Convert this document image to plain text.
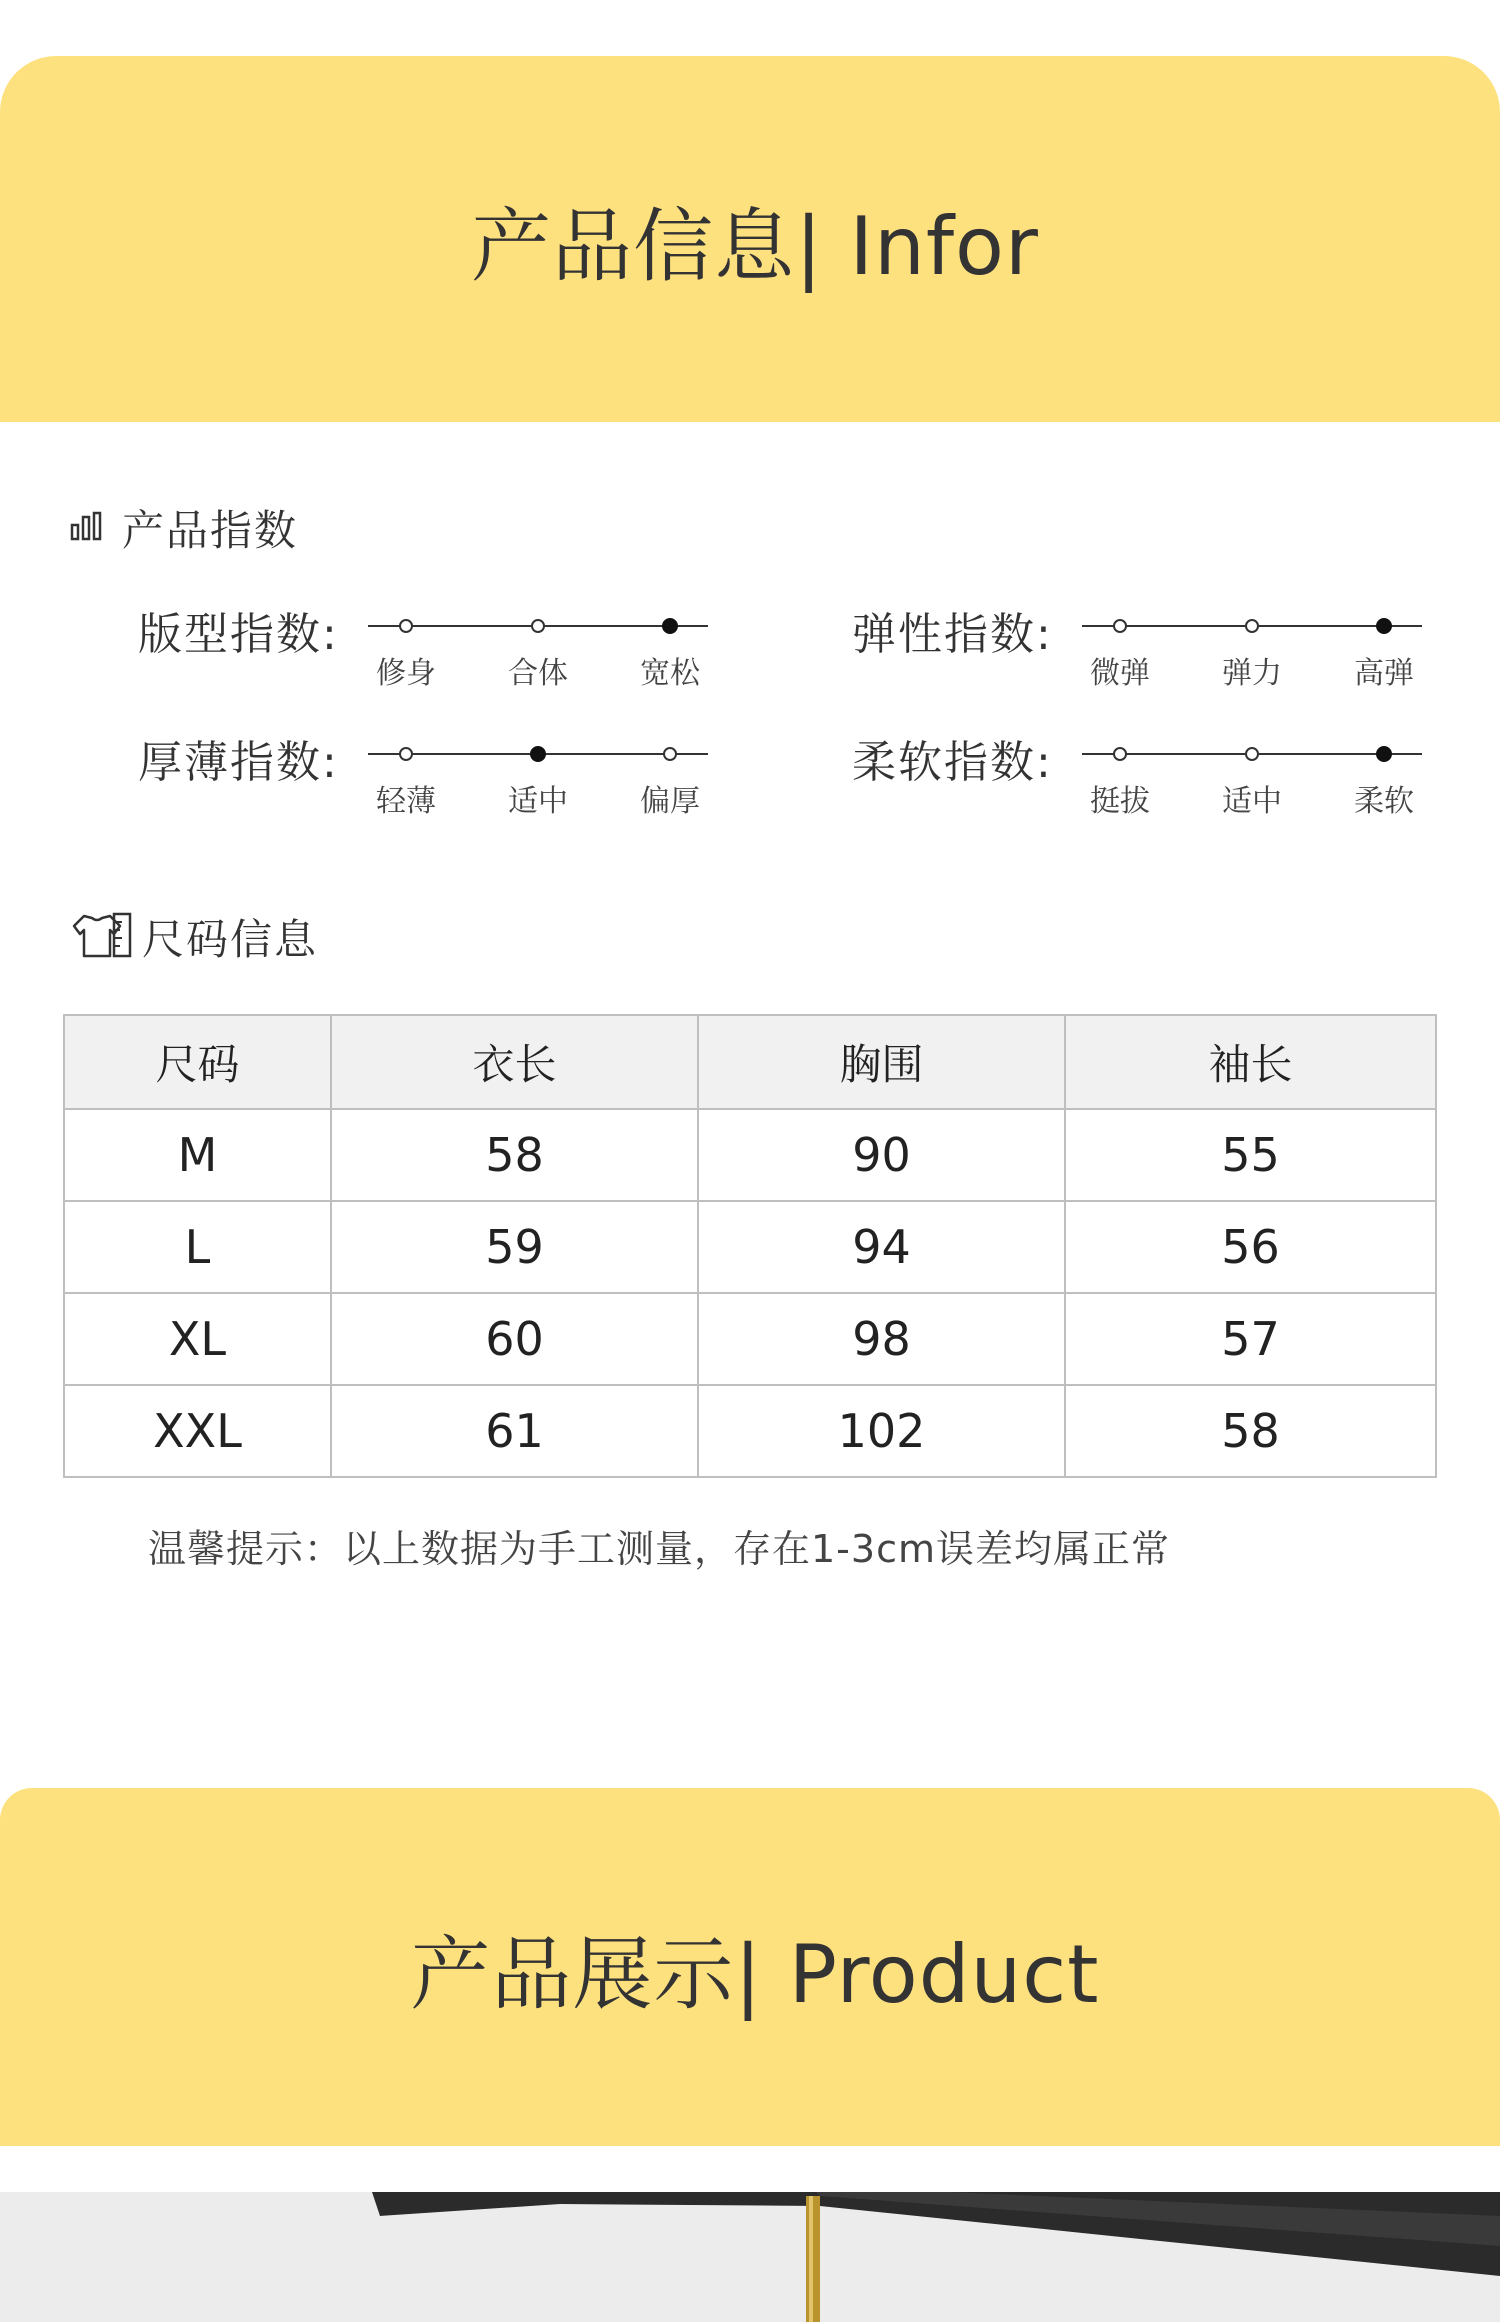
产品信息| Infor
产品指数
版型指数:
修身	合体	宽松
弹性指数:
微弹	弹力	高弹
厚薄指数:
轻薄	适中	偏厚
柔软指数:
挺拔	适中	柔软
尺码信息
尺码	衣长	胸围	袖长
M	58	90	55
L	59	94	56
XL	60	98	57
XXL	61	102	58
温馨提示：以上数据为手工测量，存在1-3cm误差均属正常
产品展示| Product
